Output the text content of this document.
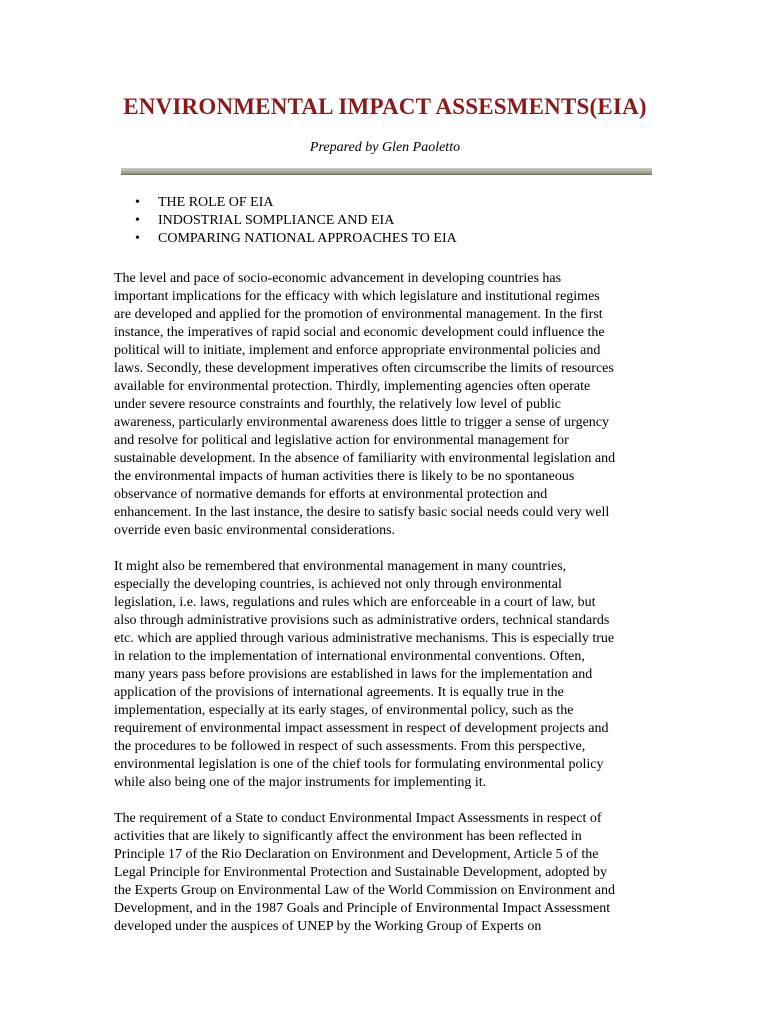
ENVIRONMENTAL IMPACT ASSESMENTS(EIA)

Prepared by Glen Paoletto

• THE ROLE OF EIA
• INDOSTRIAL SOMPLIANCE AND EIA
• COMPARING NATIONAL APPROACHES TO EIA
The level and pace of socio-economic advancement in developing countries has
important implications for the efficacy with which legislature and institutional regimes
are developed and applied for the promotion of environmental management. In the first
instance, the imperatives of rapid social and economic development could influence the
political will to initiate, implement and enforce appropriate environmental policies and
laws. Secondly, these development imperatives often circumscribe the limits of resources
available for environmental protection. Thirdly, implementing agencies often operate
under severe resource constraints and fourthly, the relatively low level of public
awareness, particularly environmental awareness does little to trigger a sense of urgency
and resolve for political and legislative action for environmental management for
sustainable development. In the absence of familiarity with environmental legislation and
the environmental impacts of human activities there is likely to be no spontaneous
observance of normative demands for efforts at environmental protection and
enhancement. In the last instance, the desire to satisfy basic social needs could very well
override even basic environmental considerations.
It might also be remembered that environmental management in many countries,
especially the developing countries, is achieved not only through environmental
legislation, i.e. laws, regulations and rules which are enforceable in a court of law, but
also through administrative provisions such as administrative orders, technical standards
etc. which are applied through various administrative mechanisms. This is especially true
in relation to the implementation of international environmental conventions. Often,
many years pass before provisions are established in laws for the implementation and
application of the provisions of international agreements. It is equally true in the
implementation, especially at its early stages, of environmental policy, such as the
requirement of environmental impact assessment in respect of development projects and
the procedures to be followed in respect of such assessments. From this perspective,
environmental legislation is one of the chief tools for formulating environmental policy
while also being one of the major instruments for implementing it.
The requirement of a State to conduct Environmental Impact Assessments in respect of
activities that are likely to significantly affect the environment has been reflected in
Principle 17 of the Rio Declaration on Environment and Development, Article 5 of the
Legal Principle for Environmental Protection and Sustainable Development, adopted by
the Experts Group on Environmental Law of the World Commission on Environment and
Development, and in the 1987 Goals and Principle of Environmental Impact Assessment
developed under the auspices of UNEP by the Working Group of Experts on
